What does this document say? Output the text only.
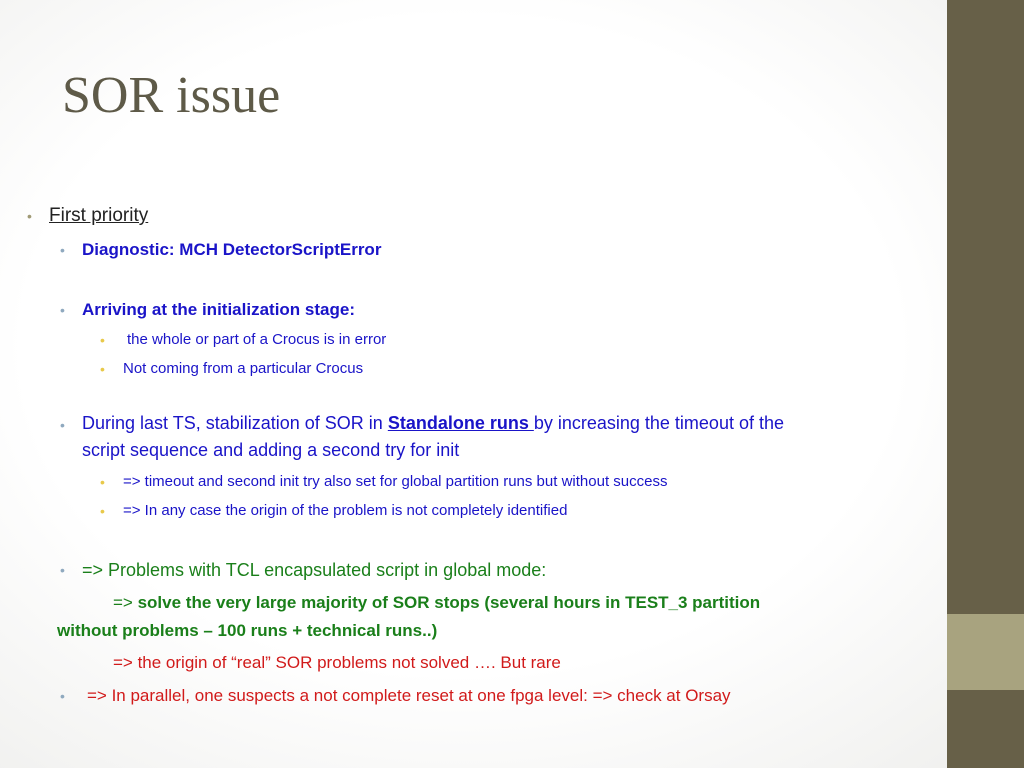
SOR issue
• First priority
• Diagnostic: MCH DetectorScriptError
• Arriving at the initialization stage:
• the whole or part of a Crocus is in error
• Not coming from a particular Crocus
• During last TS, stabilization of SOR in Standalone runs by increasing the timeout of the
script sequence and adding a second try for init
• => timeout and second init try also set for global partition runs but without success
• => In any case the origin of the problem is not completely identified
• => Problems with TCL encapsulated script in global mode:
=> solve the very large majority of SOR stops (several hours in TEST_3 partition
without problems – 100 runs + technical runs..)
=> the origin of “real” SOR problems not solved …. But rare
• => In parallel, one suspects a not complete reset at one fpga level: => check at Orsay
